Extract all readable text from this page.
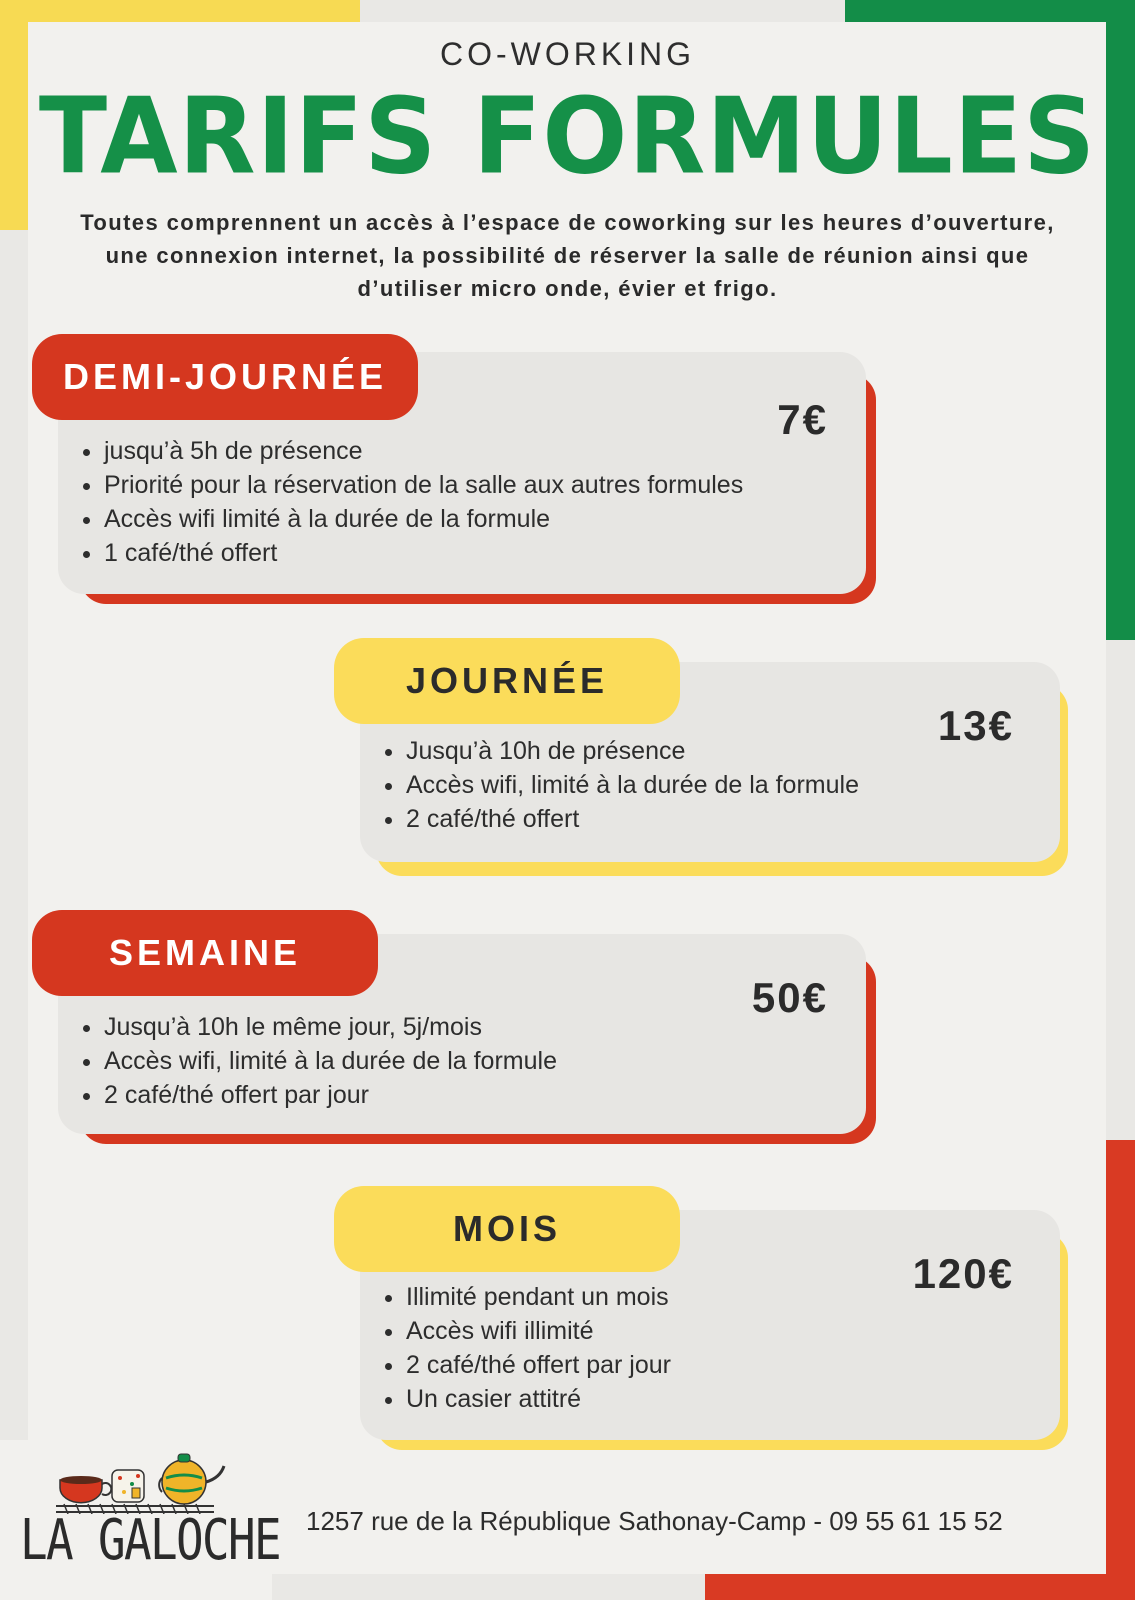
CO-WORKING
TARIFS FORMULES
Toutes comprennent un accès à l’espace de coworking sur les heures d’ouverture, une connexion internet, la possibilité de réserver la salle de réunion ainsi que d’utiliser micro onde, évier et frigo.
7€
• jusqu’à 5h de présence
• Priorité pour la réservation de la salle aux autres formules
• Accès wifi limité à la durée de la formule
• 1 café/thé offert
DEMI-JOURNÉE
13€
• Jusqu’à 10h de présence
• Accès wifi, limité à la durée de la formule
• 2 café/thé offert
JOURNÉE
50€
• Jusqu’à 10h le même jour, 5j/mois
• Accès wifi, limité à la durée de la formule
• 2 café/thé offert par jour
SEMAINE
120€
• Illimité pendant un mois
• Accès wifi illimité
• 2 café/thé offert par jour
• Un casier attitré
MOIS
LA GALOCHE 1257 rue de la République Sathonay-Camp - 09 55 61 15 52
